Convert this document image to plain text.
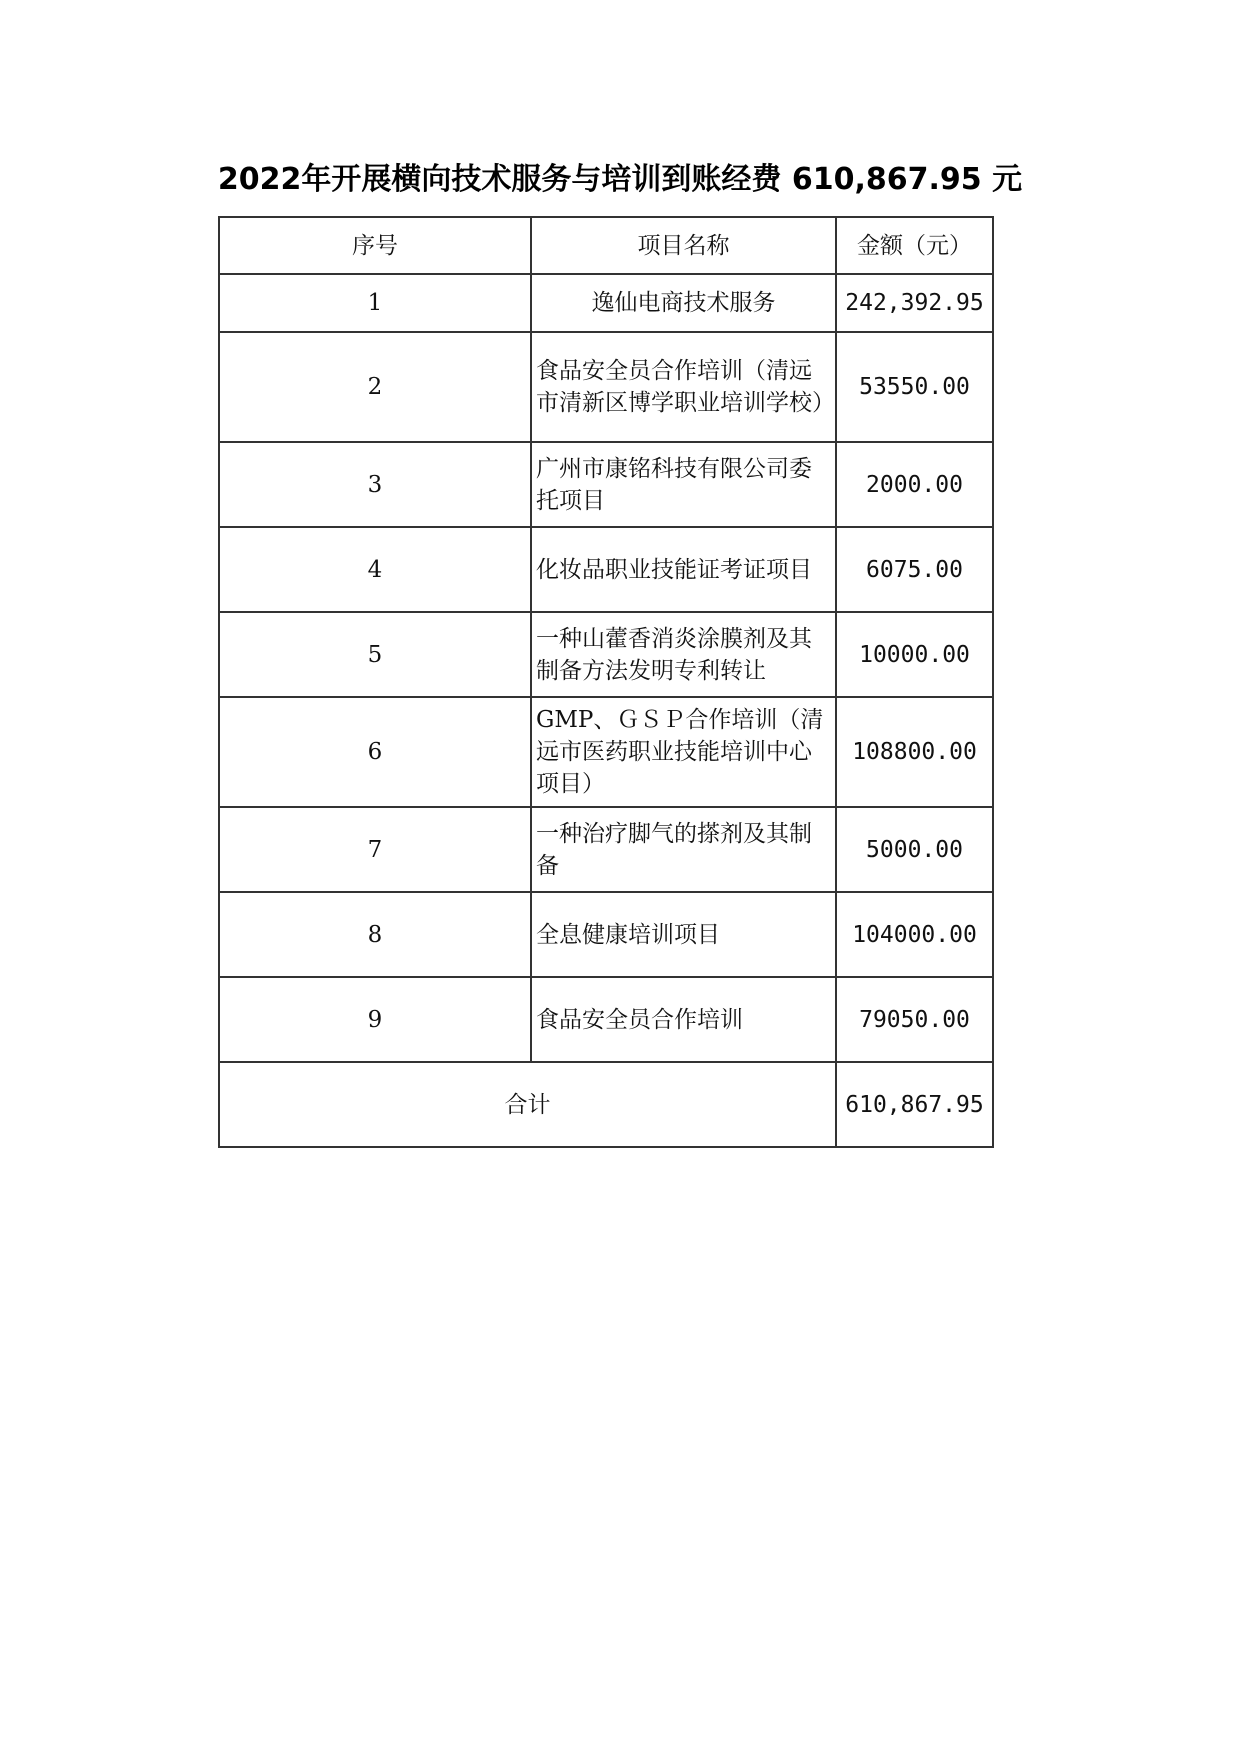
2022年开展横向技术服务与培训到账经费 610,867.95 元
序号	项目名称	金额（元）
1	逸仙电商技术服务	242,392.95
2	食品安全员合作培训（清远市清新区博学职业培训学校）	53550.00
3	广州市康铭科技有限公司委托项目	2000.00
4	化妆品职业技能证考证项目	6075.00
5	一种山藿香消炎涂膜剂及其制备方法发明专利转让	10000.00
6	GMP、ＧＳＰ合作培训（清远市医药职业技能培训中心项目）	108800.00
7	一种治疗脚气的搽剂及其制备	5000.00
8	全息健康培训项目	104000.00
9	食品安全员合作培训	79050.00
合计		610,867.95
